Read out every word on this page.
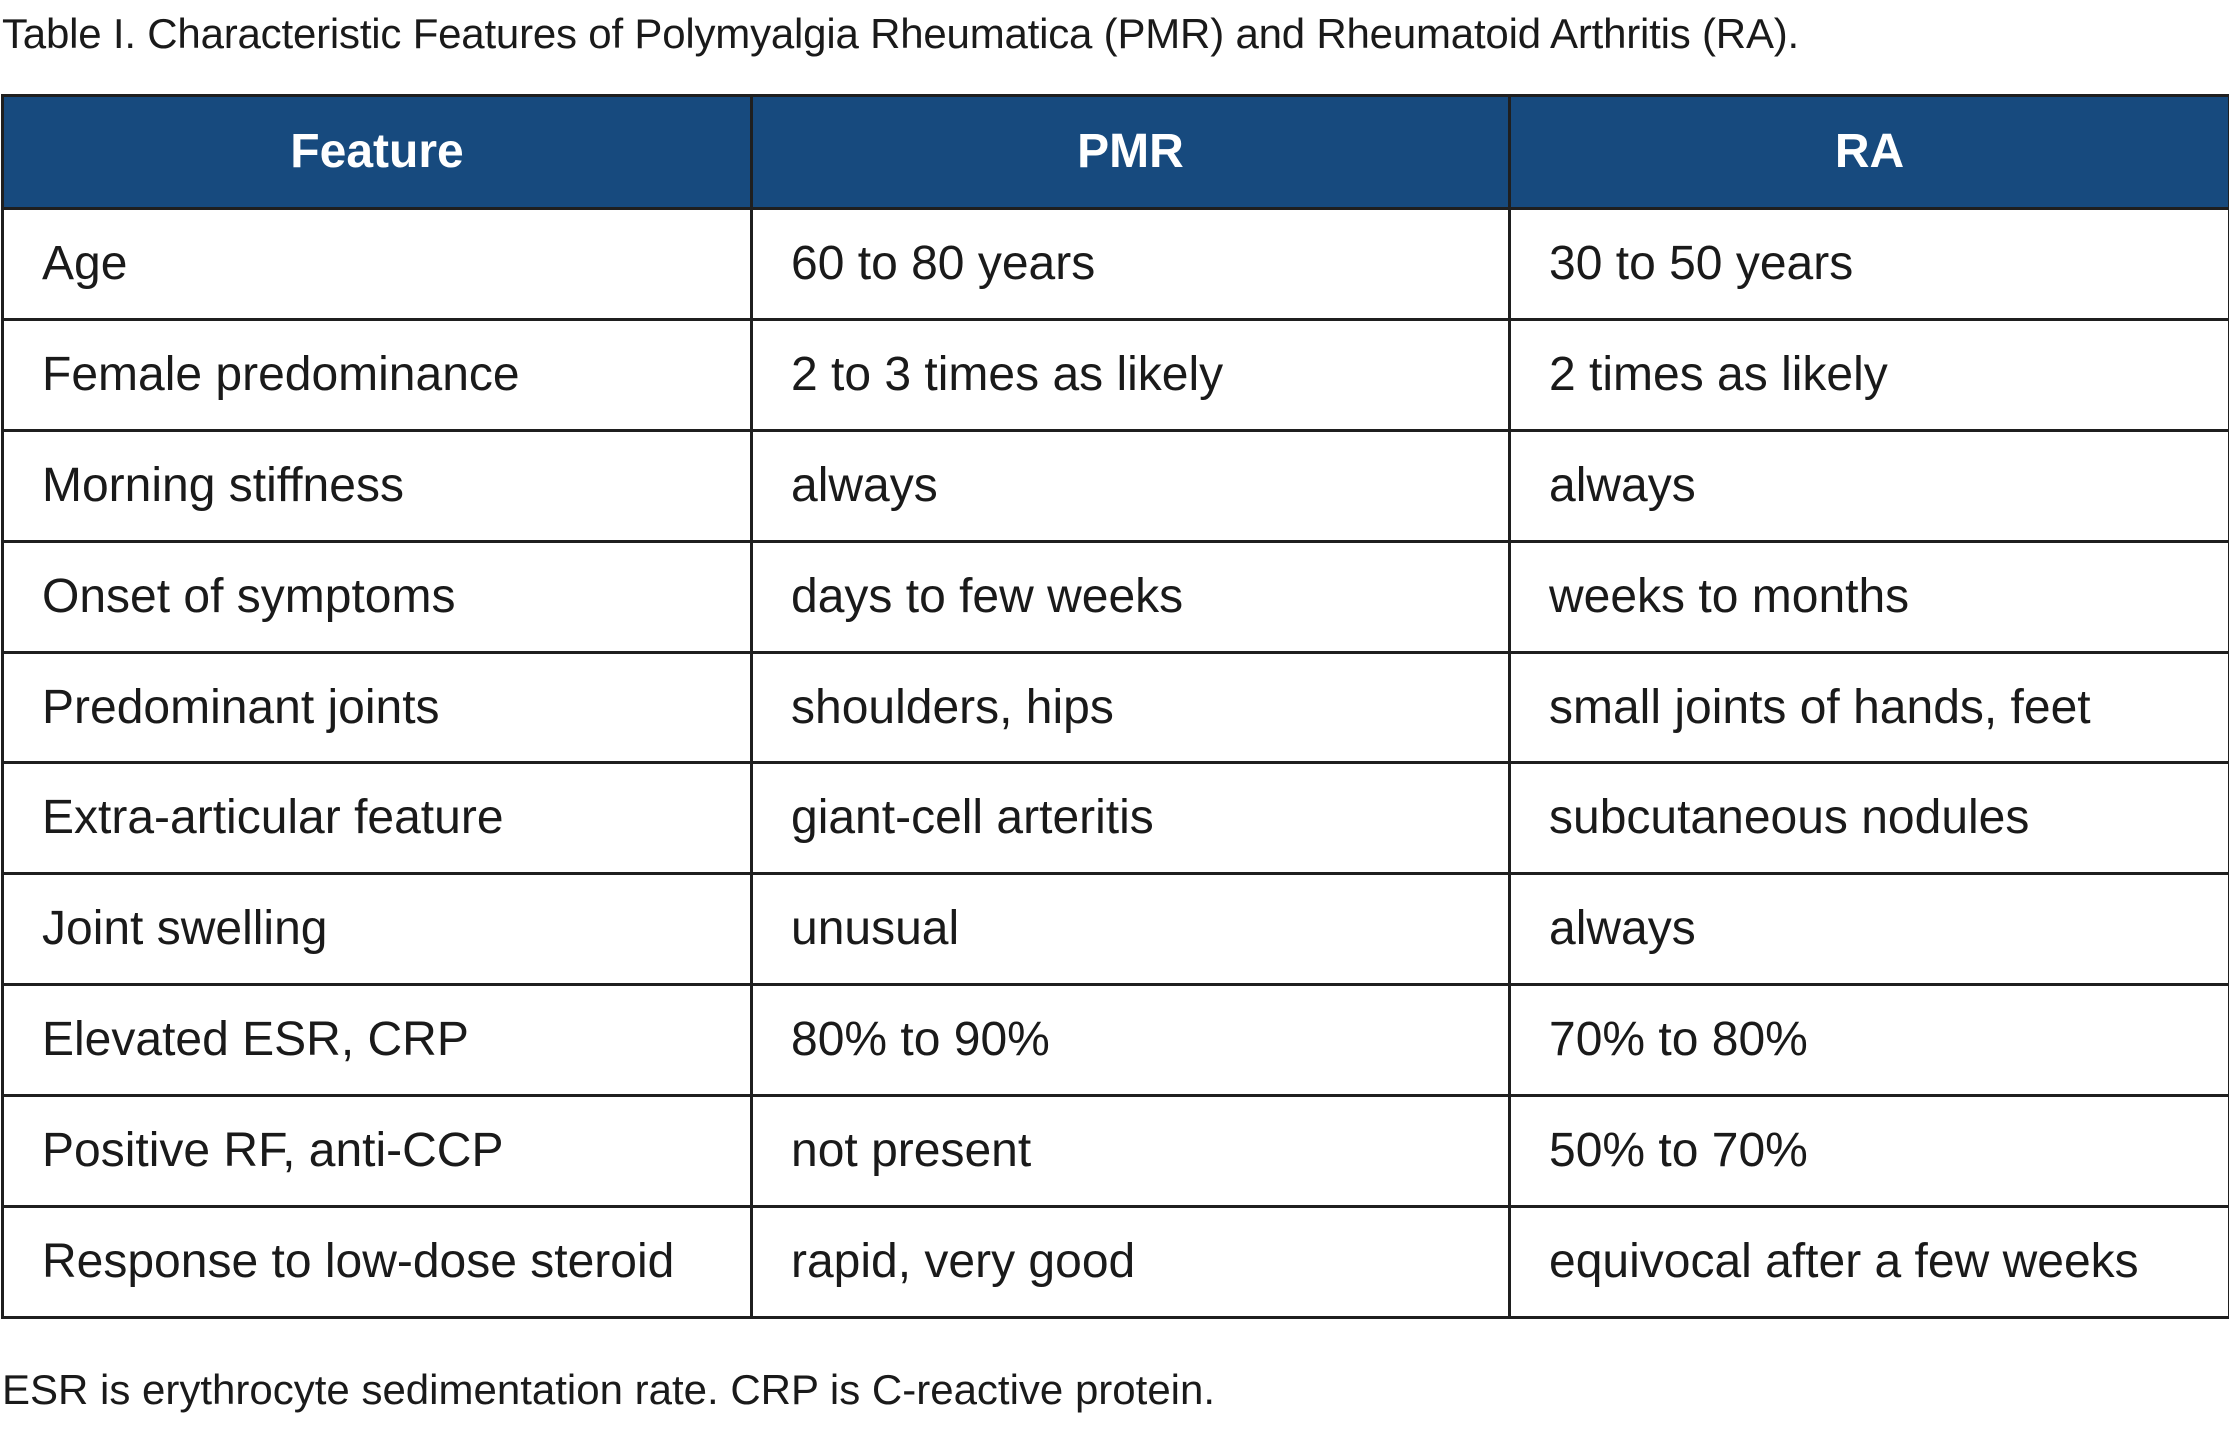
Table I. Characteristic Features of Polymyalgia Rheumatica (PMR) and Rheumatoid Arthritis (RA).
Feature	PMR	RA
Age	60 to 80 years	30 to 50 years
Female predominance	2 to 3 times as likely	2 times as likely
Morning stiffness	always	always
Onset of symptoms	days to few weeks	weeks to months
Predominant joints	shoulders, hips	small joints of hands, feet
Extra-articular feature	giant-cell arteritis	subcutaneous nodules
Joint swelling	unusual	always
Elevated ESR, CRP	80% to 90%	70% to 80%
Positive RF, anti-CCP	not present	50% to 70%
Response to low-dose steroid	rapid, very good	equivocal after a few weeks
ESR is erythrocyte sedimentation rate. CRP is C-reactive protein.
